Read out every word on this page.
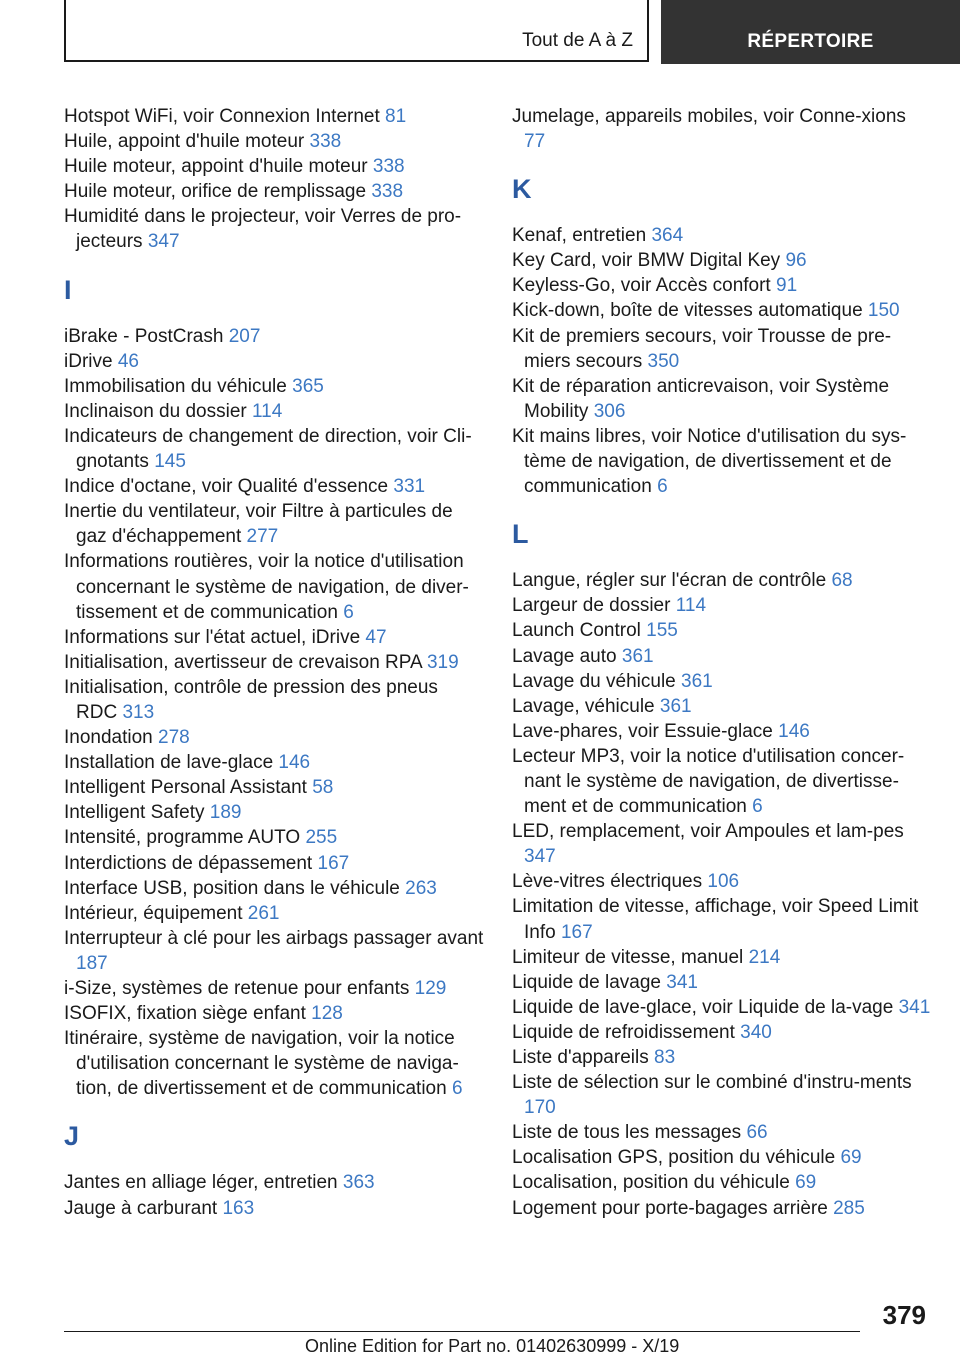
Tout de A à Z	RÉPERTOIRE

Hotspot WiFi, voir Connexion Internet 81

Huile, appoint d'huile moteur 338

Huile moteur, appoint d'huile moteur 338

Huile moteur, orifice de remplissage 338

Humidité dans le projecteur, voir Verres de pro‐jecteurs 347

I

iBrake ‑ PostCrash 207

iDrive 46

Immobilisation du véhicule 365

Inclinaison du dossier 114

Indicateurs de changement de direction, voir Cli‐gnotants 145

Indice d'octane, voir Qualité d'essence 331

Inertie du ventilateur, voir Filtre à particules de gaz d'échappement 277

Informations routières, voir la notice d'utilisation concernant le système de navigation, de diver‐tissement et de communication 6

Informations sur l'état actuel, iDrive 47

Initialisation, avertisseur de crevaison RPA 319

Initialisation, contrôle de pression des pneus RDC 313

Inondation 278

Installation de lave-glace 146

Intelligent Personal Assistant 58

Intelligent Safety 189

Intensité, programme AUTO 255

Interdictions de dépassement 167

Interface USB, position dans le véhicule 263

Intérieur, équipement 261

Interrupteur à clé pour les airbags passager avant 187

i-Size, systèmes de retenue pour enfants 129

ISOFIX, fixation siège enfant 128

Itinéraire, système de navigation, voir la notice d'utilisation concernant le système de naviga‐tion, de divertissement et de communication 6

J

Jantes en alliage léger, entretien 363

Jauge à carburant 163

Jumelage, appareils mobiles, voir Conne‐xions 77

K

Kenaf, entretien 364

Key Card, voir BMW Digital Key 96

Keyless-Go, voir Accès confort 91

Kick-down, boîte de vitesses automatique 150

Kit de premiers secours, voir Trousse de pre‐miers secours 350

Kit de réparation anticrevaison, voir Système Mobility 306

Kit mains libres, voir Notice d'utilisation du sys‐tème de navigation, de divertissement et de communication 6

L

Langue, régler sur l'écran de contrôle 68

Largeur de dossier 114

Launch Control 155

Lavage auto 361

Lavage du véhicule 361

Lavage, véhicule 361

Lave-phares, voir Essuie-glace 146

Lecteur MP3, voir la notice d'utilisation concer‐nant le système de navigation, de divertisse‐ment et de communication 6

LED, remplacement, voir Ampoules et lam‐pes 347

Lève-vitres électriques 106

Limitation de vitesse, affichage, voir Speed Limit Info 167

Limiteur de vitesse, manuel 214

Liquide de lavage 341

Liquide de lave-glace, voir Liquide de la‐vage 341

Liquide de refroidissement 340

Liste d'appareils 83

Liste de sélection sur le combiné d'instru‐ments 170

Liste de tous les messages 66

Localisation GPS, position du véhicule 69

Localisation, position du véhicule 69

Logement pour porte-bagages arrière 285

379
Online Edition for Part no. 01402630999 - X/19
